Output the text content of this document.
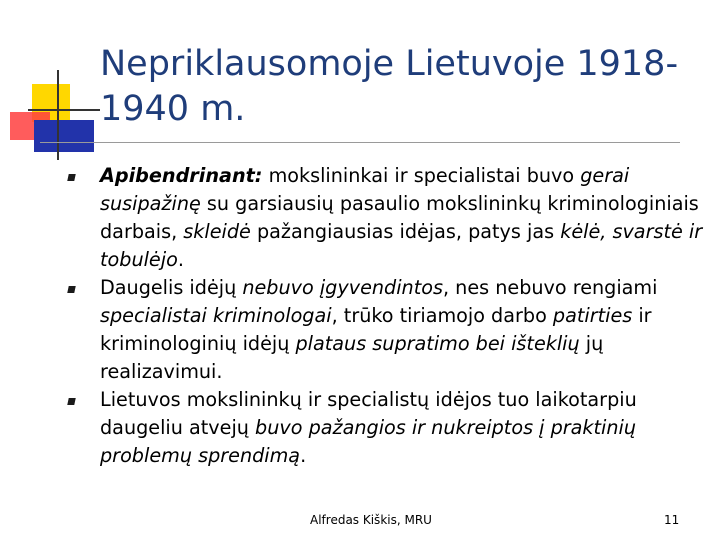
Nepriklausomoje Lietuvoje 1918-
1940 m.
Apibendrinant: mokslininkai ir specialistai buvo gerai susipažinę su garsiausių pasaulio mokslininkų kriminologiniais darbais, skleidė pažangiausias idėjas, patys jas kėlė, svarstė ir tobulėjo.
Daugelis idėjų nebuvo įgyvendintos, nes nebuvo rengiami specialistai kriminologai, trūko tiriamojo darbo patirties ir kriminologinių idėjų plataus supratimo bei išteklių jų realizavimui.
Lietuvos mokslininkų ir specialistų idėjos tuo laikotarpiu daugeliu atvejų buvo pažangios ir nukreiptos į praktinių problemų sprendimą.
Alfredas Kiškis, MRU	11
